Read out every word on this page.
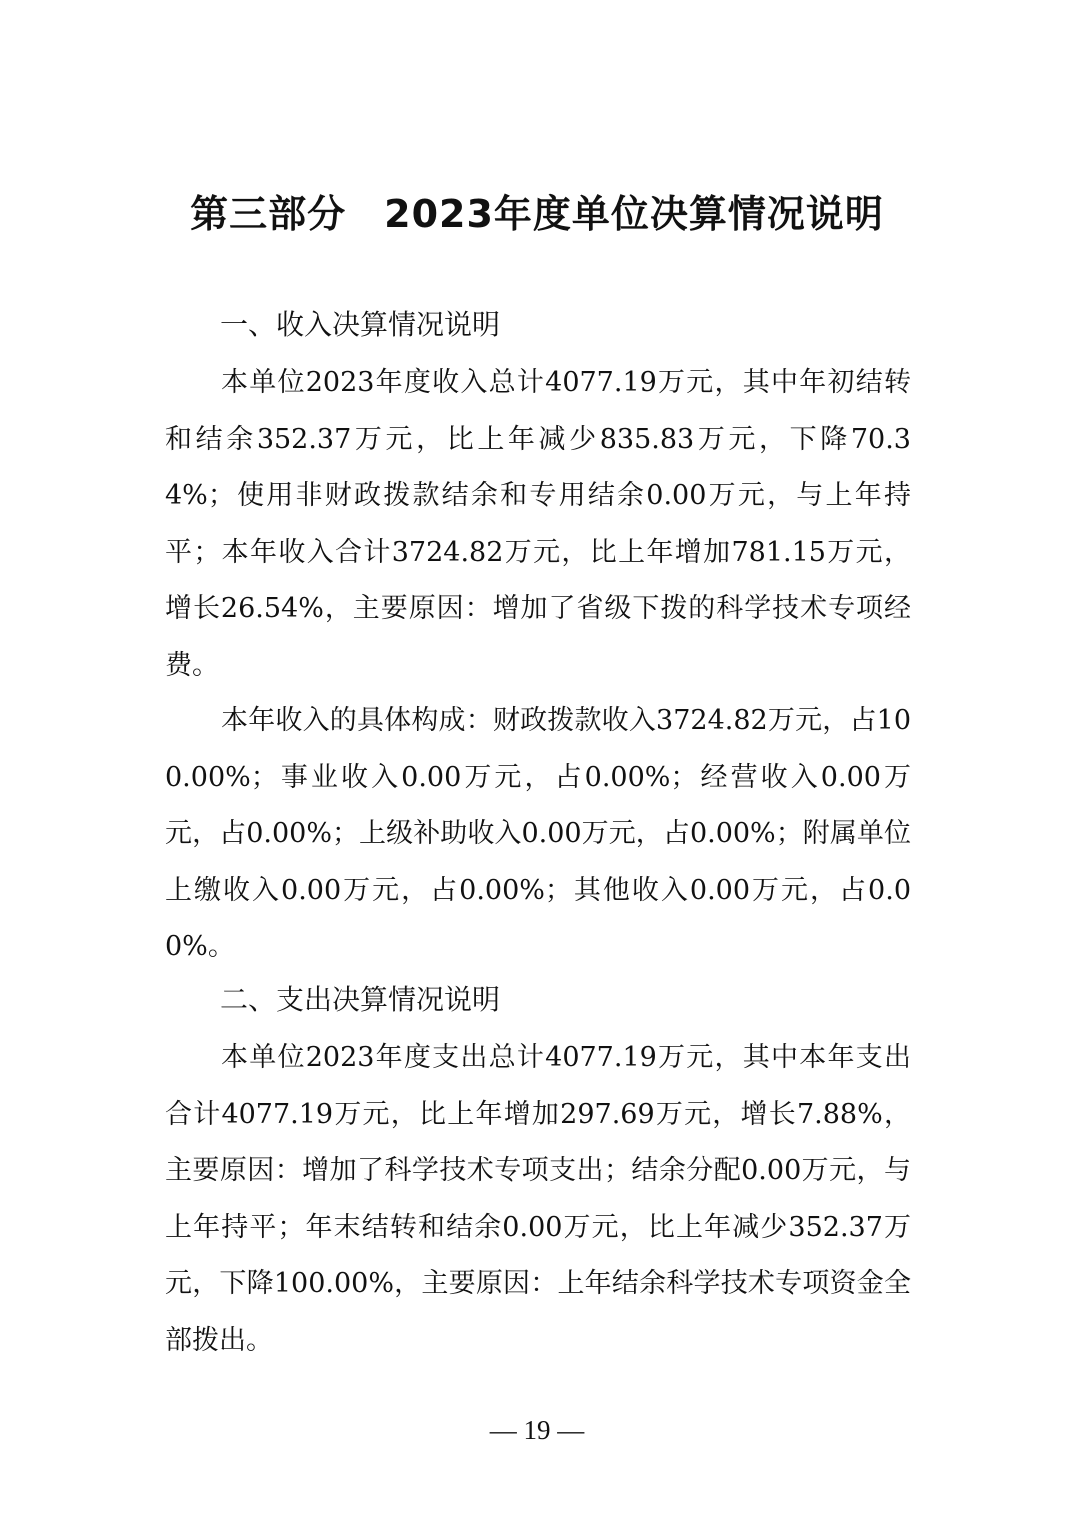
第三部分 2023年度单位决算情况说明
一、收入决算情况说明

本单位2023年度收入总计4077.19万元，其中年初结转和结余352.37万元，比上年减少835.83万元，下降70.34%；使用非财政拨款结余和专用结余0.00万元，与上年持平；本年收入合计3724.82万元，比上年增加781.15万元，增长26.54%，主要原因：增加了省级下拨的科学技术专项经费。

本年收入的具体构成：财政拨款收入3724.82万元，占100.00%；事业收入0.00万元，占0.00%；经营收入0.00万元，占0.00%；上级补助收入0.00万元，占0.00%；附属单位上缴收入0.00万元，占0.00%；其他收入0.00万元，占0.00%。

二、支出决算情况说明

本单位2023年度支出总计4077.19万元，其中本年支出合计4077.19万元，比上年增加297.69万元，增长7.88%，主要原因：增加了科学技术专项支出；结余分配0.00万元，与上年持平；年末结转和结余0.00万元，比上年减少352.37万元，下降100.00%，主要原因：上年结余科学技术专项资金全部拨出。

— 19 —
